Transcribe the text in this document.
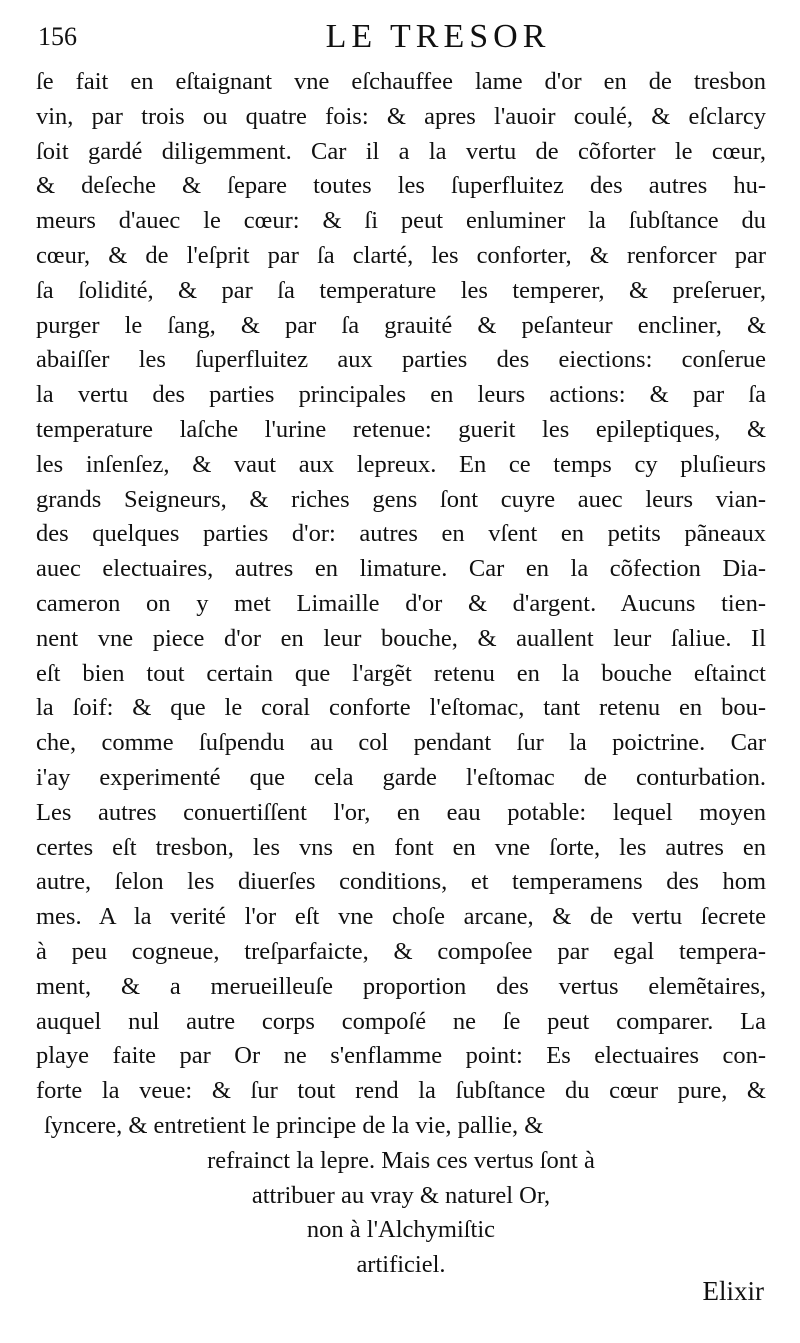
156	LE TRESOR
ſe fait en eſtaignant vne eſchauffee lame d'or en de tresbon
vin, par trois ou quatre fois: & apres l'auoir coulé, & eſclarcy
ſoit gardé diligemment. Car il a la vertu de cõforter le cœur,
& deſeche & ſepare toutes les ſuperfluitez des autres hu-
meurs d'auec le cœur: & ſi peut enluminer la ſubſtance du
cœur, & de l'eſprit par ſa clarté, les conforter, & renforcer par
ſa ſolidité, & par ſa temperature les temperer, & preſeruer,
purger le ſang, & par ſa grauité & peſanteur encliner, &
abaiſſer les ſuperfluitez aux parties des eiections: conſerue
la vertu des parties principales en leurs actions: & par ſa
temperature laſche l'urine retenue: guerit les epileptiques, &
les inſenſez, & vaut aux lepreux. En ce temps cy pluſieurs
grands Seigneurs, & riches gens ſont cuyre auec leurs vian-
des quelques parties d'or: autres en vſent en petits pãneaux
auec electuaires, autres en limature. Car en la cõfection Dia-
cameron on y met Limaille d'or & d'argent. Aucuns tien-
nent vne piece d'or en leur bouche, & auallent leur ſaliue. Il
eſt bien tout certain que l'argẽt retenu en la bouche eſtainct
la ſoif: & que le coral conforte l'eſtomac, tant retenu en bou-
che, comme ſuſpendu au col pendant ſur la poictrine. Car
i'ay experimenté que cela garde l'eſtomac de conturbation.
Les autres conuertiſſent l'or, en eau potable: lequel moyen
certes eſt tresbon, les vns en font en vne ſorte, les autres en
autre, ſelon les diuerſes conditions, et temperamens des hom
mes. A la verité l'or eſt vne choſe arcane, & de vertu ſecrete
à peu cogneue, treſparfaicte, & compoſee par egal tempera-
ment, & a merueilleuſe proportion des vertus elemẽtaires,
auquel nul autre corps compoſé ne ſe peut comparer. La
playe faite par Or ne s'enflamme point: Es electuaires con-
forte la veue: & ſur tout rend la ſubſtance du cœur pure, &
ſyncere, & entretient le principe de la vie, pallie, &
refrainct la lepre. Mais ces vertus ſont à
attribuer au vray & naturel Or,
non à l'Alchymiſtic
artificiel.
Elixir
